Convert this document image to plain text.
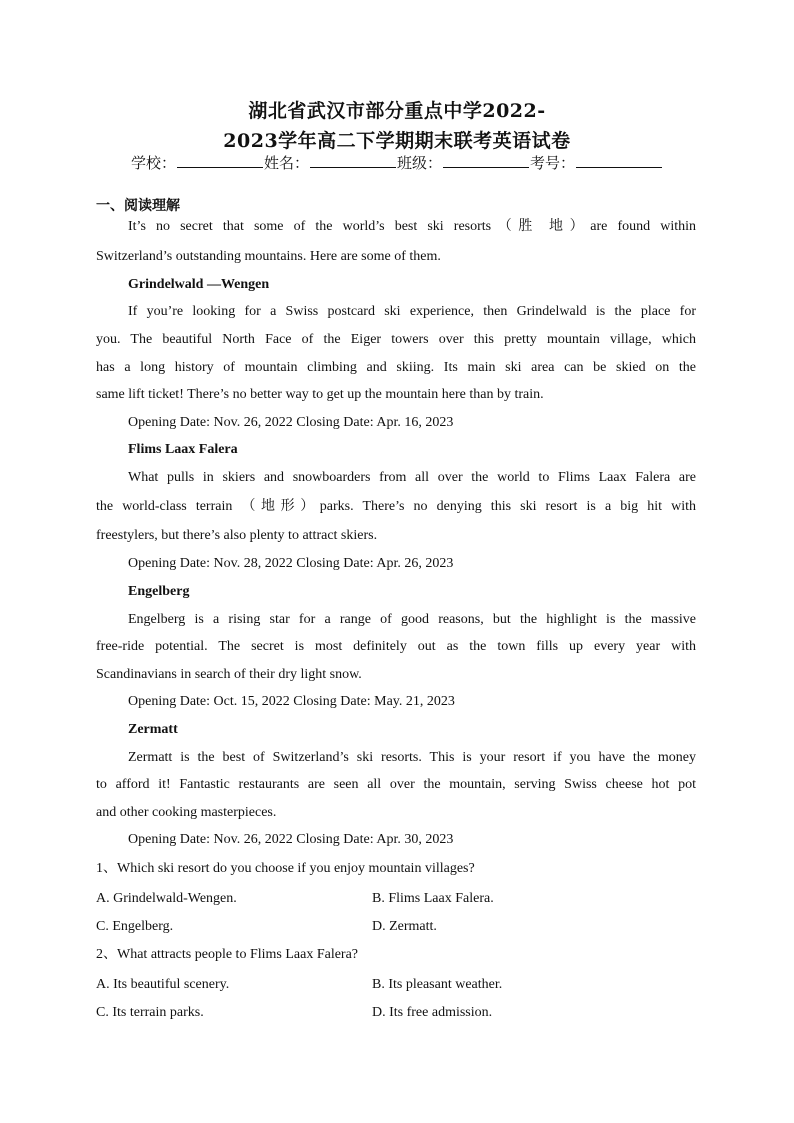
湖北省武汉市部分重点中学2022-
2023学年高二下学期期末联考英语试卷
学校：	姓名：	班级：	考号：
一、阅读理解
It’s no secret that some of the world’s best ski resorts（胜 地）are found within
Switzerland’s outstanding mountains. Here are some of them.
Grindelwald —Wengen
If you’re looking for a Swiss postcard ski experience, then Grindelwald is the place for
you. The beautiful North Face of the Eiger towers over this pretty mountain village, which
has a long history of mountain climbing and skiing. Its main ski area can be skied on the
same lift ticket! There’s no better way to get up the mountain here than by train.
Opening Date: Nov. 26, 2022 Closing Date: Apr. 16, 2023
Flims Laax Falera
What pulls in skiers and snowboarders from all over the world to Flims Laax Falera are
the world-class terrain （地形）parks. There’s no denying this ski resort is a big hit with
freestylers, but there’s also plenty to attract skiers.
Opening Date: Nov. 28, 2022 Closing Date: Apr. 26, 2023
Engelberg
Engelberg is a rising star for a range of good reasons, but the highlight is the massive
free-ride potential. The secret is most definitely out as the town fills up every year with
Scandinavians in search of their dry light snow.
Opening Date: Oct. 15, 2022 Closing Date: May. 21, 2023
Zermatt
Zermatt is the best of Switzerland’s ski resorts. This is your resort if you have the money
to afford it! Fantastic restaurants are seen all over the mountain, serving Swiss cheese hot pot
and other cooking masterpieces.
Opening Date: Nov. 26, 2022 Closing Date: Apr. 30, 2023
1、Which ski resort do you choose if you enjoy mountain villages?
A. Grindelwald-Wengen.	B. Flims Laax Falera.
C. Engelberg.	D. Zermatt.
2、What attracts people to Flims Laax Falera?
A. Its beautiful scenery.	B. Its pleasant weather.
C. Its terrain parks.	D. Its free admission.
